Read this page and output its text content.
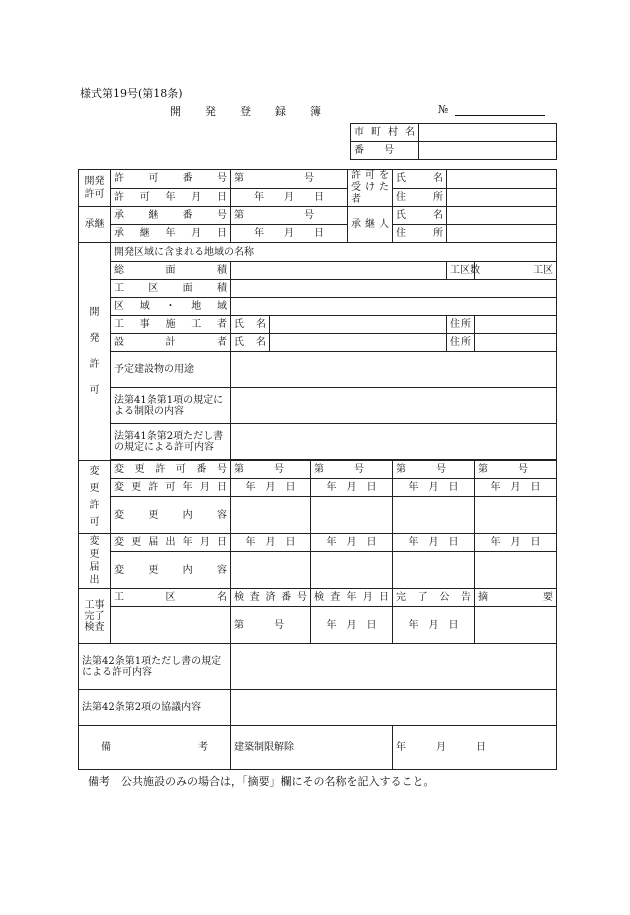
様式第19号(第18条)
開発登録簿	№
市町村名	
番　　号	
開発許可	許可番号	第　　　　　　号			許可を受けた者	氏名		
	許可年月日	年　　月　　日				住所		
承継	承継番号	第　　　　　　号			承継人	氏名		
	承継年月日	年　　月　　日				住所		
開発許可	開発区域に含まれる地域の名称							
	総面積						工区数	工区
	工区面積							
	区域・地域							
	工事施工者	氏名					住所	
	設計者	氏名					住所	
	予定建設物の用途							
	法第41条第1項の規定による制限の内容							
	法第41条第2項ただし書の規定による許可内容							

変更許可	変更許可番号	第　　　号		第　　　号		第　　　号		第　　　号
	変更許可年月日	年　月　日		年　月　日		年　月　日		年　月　日
	変更内容							
変更届出	変更届出年月日	年　月　日		年　月　日		年　月　日		年　月　日
	変更内容							
工事完了検査	工区名	検査済番号		検査年月日		完了公告		摘要
		第　　　号		年　月　日		年　月　日		
法第42条第1項ただし書の規定による許可内容								
法第42条第2項の協議内容								
備考		建築制限解除				年　　　月　　　日		
備考　公共施設のみの場合は，「摘要」欄にその名称を記入すること。
